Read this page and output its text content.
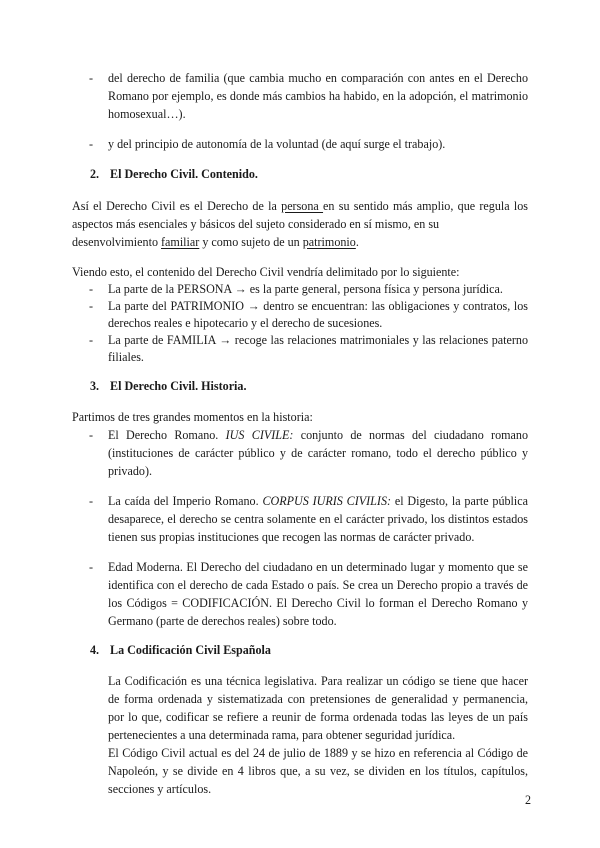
- del derecho de familia (que cambia mucho en comparación con antes en el Derecho
Romano por ejemplo, es donde más cambios ha habido, en la adopción, el matrimonio
homosexual…).
- y del principio de autonomía de la voluntad (de aquí surge el trabajo).
2. El Derecho Civil. Contenido.
Así el Derecho Civil es el Derecho de la persona en su sentido más amplio, que regula los
aspectos más esenciales y básicos del sujeto considerado en sí mismo, en su
desenvolvimiento familiar y como sujeto de un patrimonio.
Viendo esto, el contenido del Derecho Civil vendría delimitado por lo siguiente:
- La parte de la PERSONA → es la parte general, persona física y persona jurídica.
- La parte del PATRIMONIO → dentro se encuentran: las obligaciones y contratos, los
derechos reales e hipotecario y el derecho de sucesiones.
- La parte de FAMILIA → recoge las relaciones matrimoniales y las relaciones paterno
filiales.
3. El Derecho Civil. Historia.
Partimos de tres grandes momentos en la historia:
- El Derecho Romano. IUS CIVILE: conjunto de normas del ciudadano romano
(instituciones de carácter público y de carácter romano, todo el derecho público y
privado).
- La caída del Imperio Romano. CORPUS IURIS CIVILIS: el Digesto, la parte pública
desaparece, el derecho se centra solamente en el carácter privado, los distintos estados
tienen sus propias instituciones que recogen las normas de carácter privado.
- Edad Moderna. El Derecho del ciudadano en un determinado lugar y momento que se
identifica con el derecho de cada Estado o país. Se crea un Derecho propio a través de
los Códigos = CODIFICACIÓN. El Derecho Civil lo forman el Derecho Romano y
Germano (parte de derechos reales) sobre todo.
4. La Codificación Civil Española
La Codificación es una técnica legislativa. Para realizar un código se tiene que hacer
de forma ordenada y sistematizada con pretensiones de generalidad y permanencia,
por lo que, codificar se refiere a reunir de forma ordenada todas las leyes de un país
pertenecientes a una determinada rama, para obtener seguridad jurídica.
El Código Civil actual es del 24 de julio de 1889 y se hizo en referencia al Código de
Napoleón, y se divide en 4 libros que, a su vez, se dividen en los títulos, capítulos,
secciones y artículos.
2
